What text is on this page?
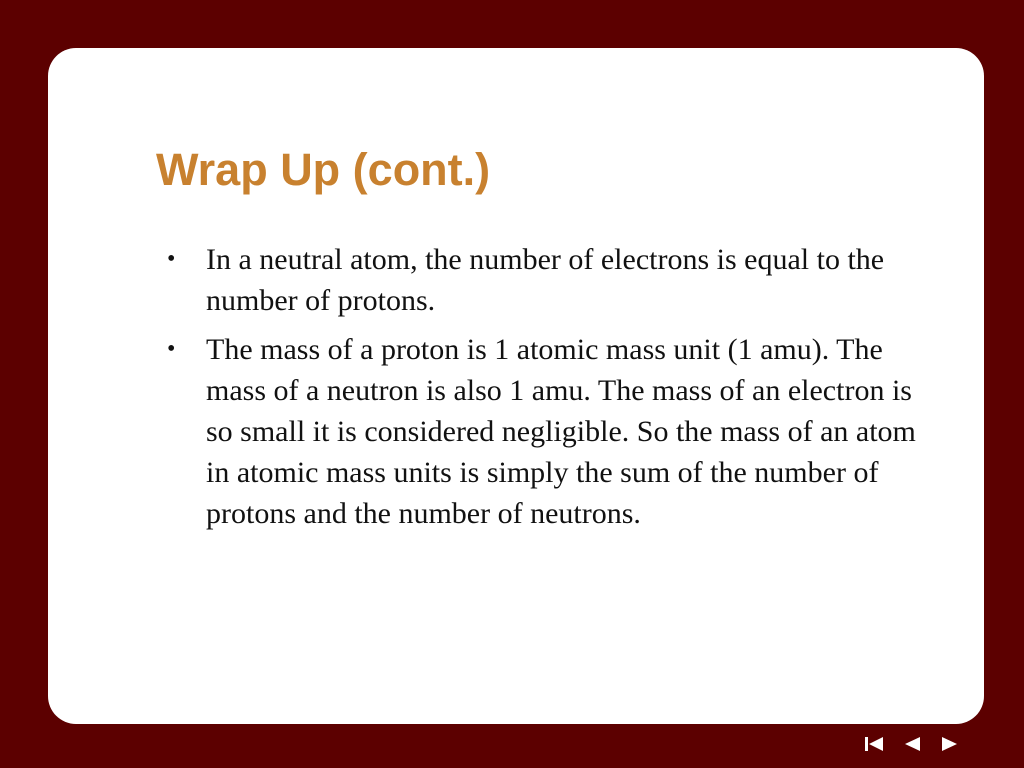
Wrap Up (cont.)
• In a neutral atom, the number of electrons is equal to the number of protons.
• The mass of a proton is 1 atomic mass unit (1 amu). The mass of a neutron is also 1 amu. The mass of an electron is so small it is considered negligible. So the mass of an atom in atomic mass units is simply the sum of the number of protons and the number of neutrons.
